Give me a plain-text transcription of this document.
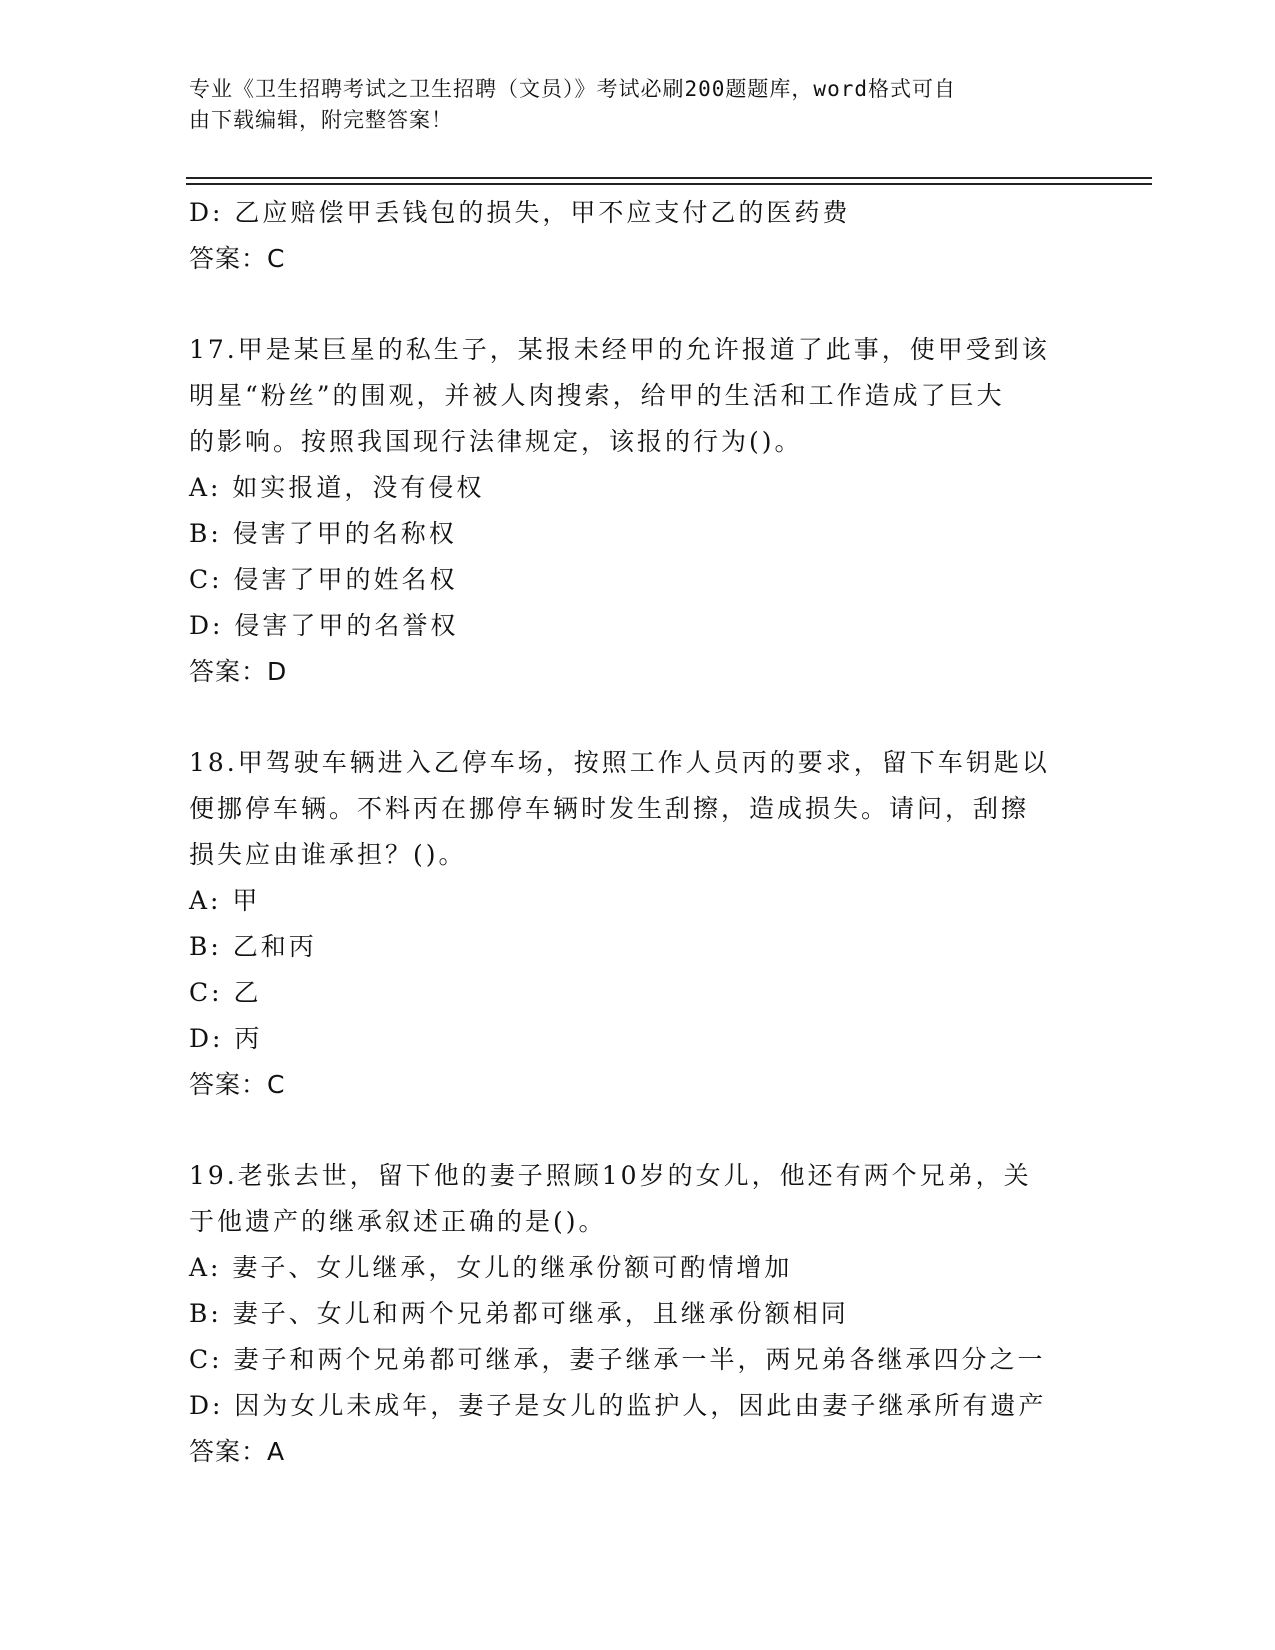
专业《卫生招聘考试之卫生招聘（文员）》考试必刷200题题库，word格式可自
由下载编辑，附完整答案！
D: 乙应赔偿甲丢钱包的损失，甲不应支付乙的医药费
答案：C
17.甲是某巨星的私生子，某报未经甲的允许报道了此事，使甲受到该
明星“粉丝”的围观，并被人肉搜索，给甲的生活和工作造成了巨大
的影响。按照我国现行法律规定，该报的行为()。
A: 如实报道，没有侵权
B: 侵害了甲的名称权
C: 侵害了甲的姓名权
D: 侵害了甲的名誉权
答案：D
18.甲驾驶车辆进入乙停车场，按照工作人员丙的要求，留下车钥匙以
便挪停车辆。不料丙在挪停车辆时发生刮擦，造成损失。请问，刮擦
损失应由谁承担？()。
A: 甲
B: 乙和丙
C: 乙
D: 丙
答案：C
19.老张去世，留下他的妻子照顾10岁的女儿，他还有两个兄弟，关
于他遗产的继承叙述正确的是()。
A: 妻子、女儿继承，女儿的继承份额可酌情增加
B: 妻子、女儿和两个兄弟都可继承，且继承份额相同
C: 妻子和两个兄弟都可继承，妻子继承一半，两兄弟各继承四分之一
D: 因为女儿未成年，妻子是女儿的监护人，因此由妻子继承所有遗产
答案：A
